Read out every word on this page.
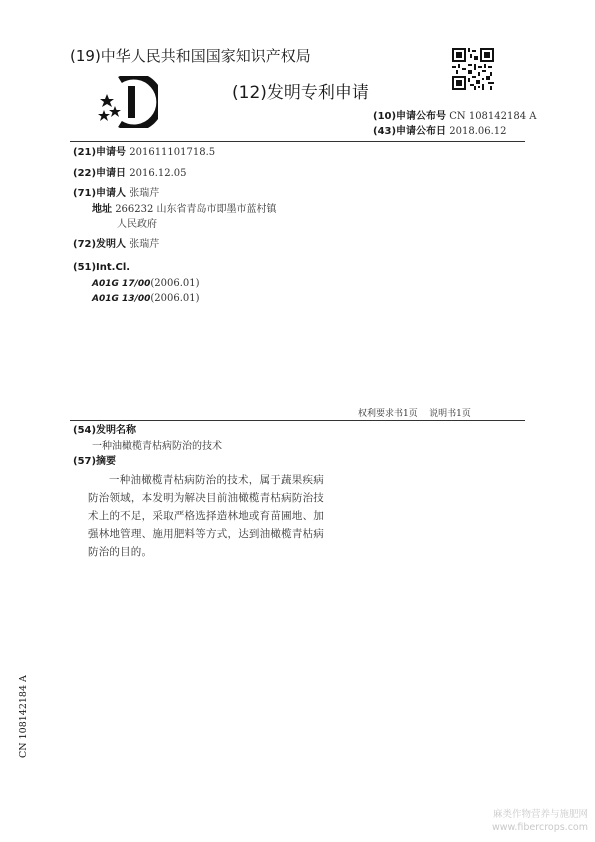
(19)中华人民共和国国家知识产权局
(12)发明专利申请
(10)申请公布号 CN 108142184 A
(43)申请公布日 2018.06.12
(21)申请号 201611101718.5
(22)申请日 2016.12.05
(71)申请人 张瑞芹
地址 266232 山东省青岛市即墨市蓝村镇
人民政府
(72)发明人 张瑞芹
(51)Int.Cl.
A01G 17/00(2006.01)
A01G 13/00(2006.01)
权利要求书1页    说明书1页
(54)发明名称
一种油橄榄青枯病防治的技术
(57)摘要

一种油橄榄青枯病防治的技术，属于蔬果疾病防治领域，本发明为解决目前油橄榄青枯病防治技术上的不足，采取严格选择造林地或育苗圃地、加强林地管理、施用肥料等方式，达到油橄榄青枯病防治的目的。

CN 108142184 A
麻类作物营养与施肥网
www.fibercrops.com
